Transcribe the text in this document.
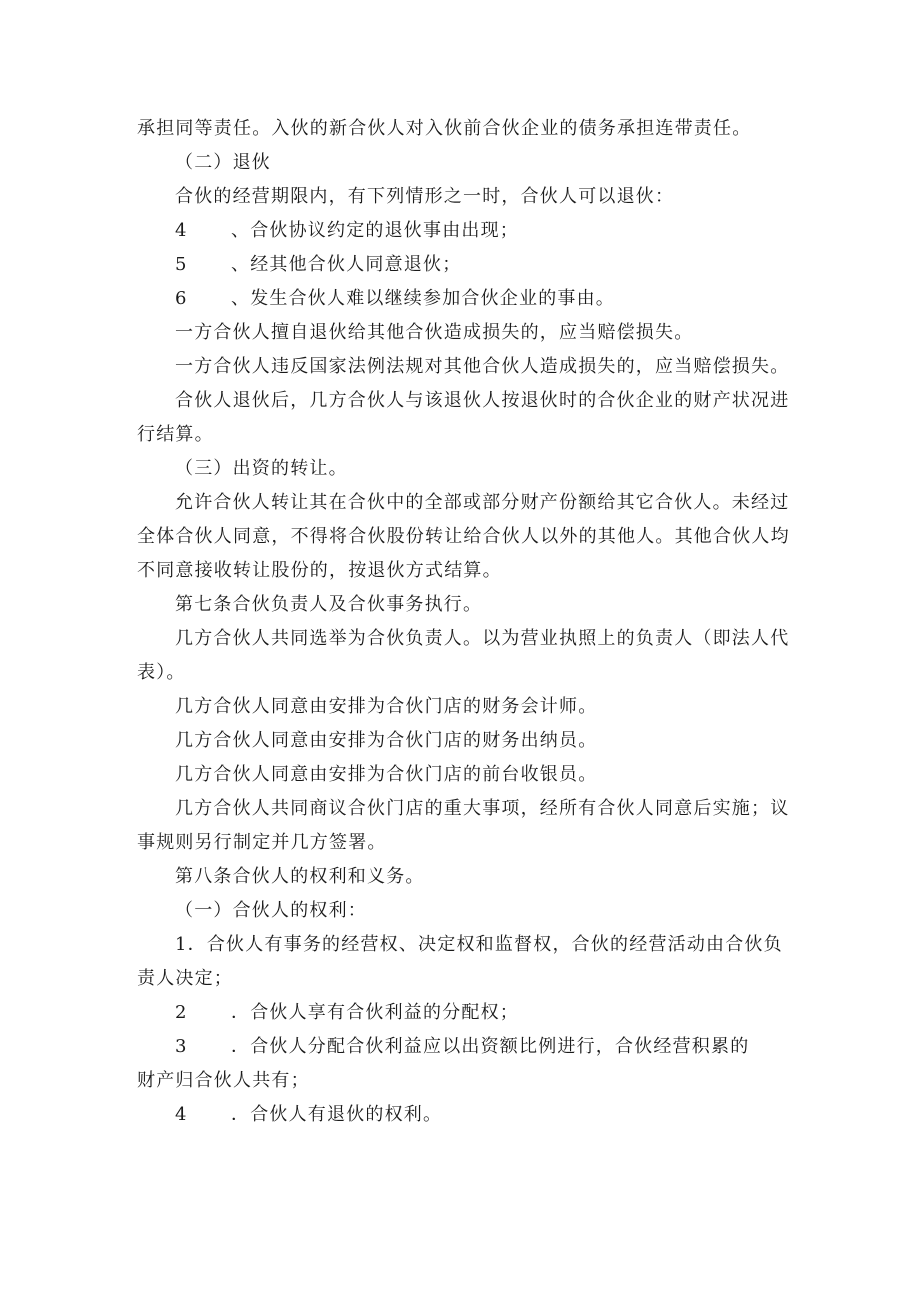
承担同等责任。入伙的新合伙人对入伙前合伙企业的债务承担连带责任。

（二）退伙

合伙的经营期限内，有下列情形之一时，合伙人可以退伙：

4 、合伙协议约定的退伙事由出现；

5 、经其他合伙人同意退伙；

6 、发生合伙人难以继续参加合伙企业的事由。

一方合伙人擅自退伙给其他合伙造成损失的，应当赔偿损失。

一方合伙人违反国家法例法规对其他合伙人造成损失的，应当赔偿损失。

合伙人退伙后，几方合伙人与该退伙人按退伙时的合伙企业的财产状况进行结算。

（三）出资的转让。

允许合伙人转让其在合伙中的全部或部分财产份额给其它合伙人。未经过全体合伙人同意，不得将合伙股份转让给合伙人以外的其他人。其他合伙人均不同意接收转让股份的，按退伙方式结算。

第七条合伙负责人及合伙事务执行。

几方合伙人共同选举为合伙负责人。以为营业执照上的负责人（即法人代表）。

几方合伙人同意由安排为合伙门店的财务会计师。

几方合伙人同意由安排为合伙门店的财务出纳员。

几方合伙人同意由安排为合伙门店的前台收银员。

几方合伙人共同商议合伙门店的重大事项，经所有合伙人同意后实施；议事规则另行制定并几方签署。

第八条合伙人的权利和义务。

（一）合伙人的权利：

1．合伙人有事务的经营权、决定权和监督权，合伙的经营活动由合伙负责人决定；

2 ．合伙人享有合伙利益的分配权；

3 ．合伙人分配合伙利益应以出资额比例进行，合伙经营积累的

财产归合伙人共有；

4 ．合伙人有退伙的权利。
